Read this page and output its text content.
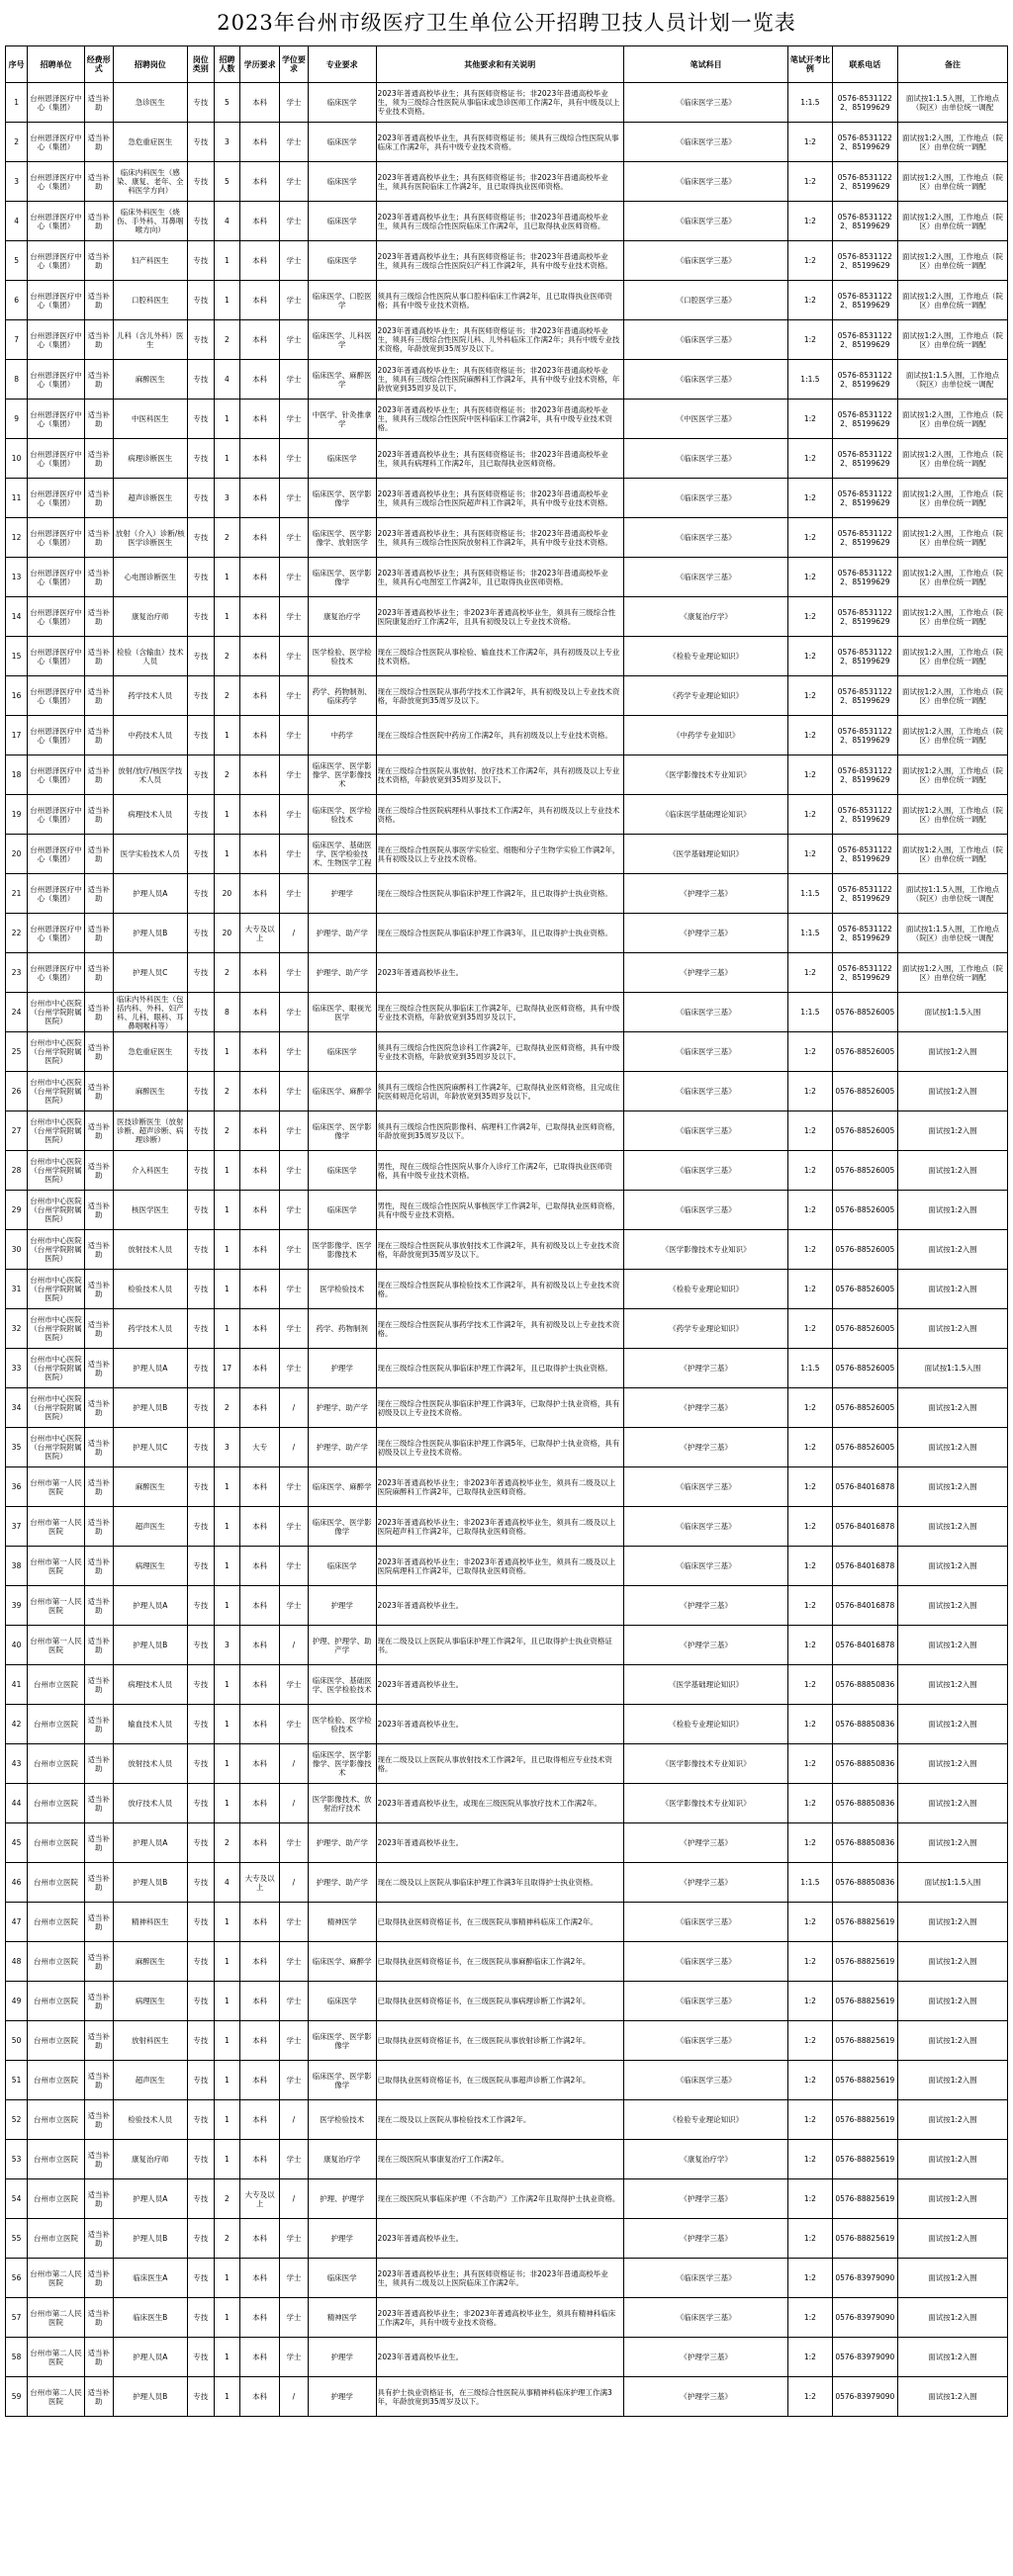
2023年台州市级医疗卫生单位公开招聘卫技人员计划一览表
序号	招聘单位	经费形式	招聘岗位	岗位类别	招聘人数	学历要求	学位要求	专业要求	其他要求和有关说明	笔试科目	笔试开考比例	联系电话	备注
1	台州恩泽医疗中心（集团）	适当补助	急诊医生	专技	5	本科	学士	临床医学	2023年普通高校毕业生；具有医师资格证书；非2023年普通高校毕业生，须为三级综合性医院从事临床或急诊医师工作满2年，具有中级及以上专业技术资格。	《临床医学三基》	1:1.5	0576-85311222、85199629	面试按1:1.5入围，工作地点（院区）由单位统一调配
2	台州恩泽医疗中心（集团）	适当补助	急危重症医生	专技	3	本科	学士	临床医学	2023年普通高校毕业生，具有医师资格证书；须具有三级综合性医院从事临床工作满2年，具有中级专业技术资格。	《临床医学三基》	1:2	0576-85311222、85199629	面试按1:2入围，工作地点（院区）由单位统一调配
3	台州恩泽医疗中心（集团）	适当补助	临床内科医生（感染、康复、老年、全科医学方向）	专技	5	本科	学士	临床医学	2023年普通高校毕业生；具有医师资格证书；非2023年普通高校毕业生，须具有医院临床工作满2年，且已取得执业医师资格。	《临床医学三基》	1:2	0576-85311222、85199629	面试按1:2入围，工作地点（院区）由单位统一调配
4	台州恩泽医疗中心（集团）	适当补助	临床外科医生（烧伤、手外科、耳鼻咽喉方向）	专技	4	本科	学士	临床医学	2023年普通高校毕业生；具有医师资格证书；非2023年普通高校毕业生，须具有三级综合性医院临床工作满2年，且已取得执业医师资格。	《临床医学三基》	1:2	0576-85311222、85199629	面试按1:2入围，工作地点（院区）由单位统一调配
5	台州恩泽医疗中心（集团）	适当补助	妇产科医生	专技	1	本科	学士	临床医学	2023年普通高校毕业生；具有医师资格证书；非2023年普通高校毕业生，须具有三级综合性医院妇产科工作满2年，具有中级专业技术资格。	《临床医学三基》	1:2	0576-85311222、85199629	面试按1:2入围，工作地点（院区）由单位统一调配
6	台州恩泽医疗中心（集团）	适当补助	口腔科医生	专技	1	本科	学士	临床医学、口腔医学	须具有三级综合性医院从事口腔科临床工作满2年，且已取得执业医师资格；具有中级专业技术资格。	《口腔医学三基》	1:2	0576-85311222、85199629	面试按1:2入围，工作地点（院区）由单位统一调配
7	台州恩泽医疗中心（集团）	适当补助	儿科（含儿外科）医生	专技	2	本科	学士	临床医学、儿科医学	2023年普通高校毕业生；具有医师资格证书；非2023年普通高校毕业生，须具有三级综合性医院儿科、儿外科临床工作满2年；具有中级专业技术资格，年龄放宽到35周岁及以下。	《临床医学三基》	1:2	0576-85311222、85199629	面试按1:2入围，工作地点（院区）由单位统一调配
8	台州恩泽医疗中心（集团）	适当补助	麻醉医生	专技	4	本科	学士	临床医学、麻醉医学	2023年普通高校毕业生；具有医师资格证书；非2023年普通高校毕业生，须具有三级综合性医院麻醉科工作满2年，具有中级专业技术资格，年龄放宽到35周岁及以下。	《临床医学三基》	1:1.5	0576-85311222、85199629	面试按1:1.5入围，工作地点（院区）由单位统一调配
9	台州恩泽医疗中心（集团）	适当补助	中医科医生	专技	1	本科	学士	中医学、针灸推拿学	2023年普通高校毕业生；具有医师资格证书；非2023年普通高校毕业生，须具有三级综合性医院中医科临床工作满2年，具有中级专业技术资格。	《中医医学三基》	1:2	0576-85311222、85199629	面试按1:2入围，工作地点（院区）由单位统一调配
10	台州恩泽医疗中心（集团）	适当补助	病理诊断医生	专技	1	本科	学士	临床医学	2023年普通高校毕业生；具有医师资格证书；非2023年普通高校毕业生，须具有病理科工作满2年，且已取得执业医师资格。	《临床医学三基》	1:2	0576-85311222、85199629	面试按1:2入围，工作地点（院区）由单位统一调配
11	台州恩泽医疗中心（集团）	适当补助	超声诊断医生	专技	3	本科	学士	临床医学、医学影像学	2023年普通高校毕业生；具有医师资格证书；非2023年普通高校毕业生，须具有三级综合性医院超声科工作满2年，具有中级专业技术资格。	《临床医学三基》	1:2	0576-85311222、85199629	面试按1:2入围，工作地点（院区）由单位统一调配
12	台州恩泽医疗中心（集团）	适当补助	放射（介入）诊断/核医学诊断医生	专技	2	本科	学士	临床医学、医学影像学、放射医学	2023年普通高校毕业生；具有医师资格证书；非2023年普通高校毕业生，须具有三级综合性医院放射科工作满2年，具有中级专业技术资格。	《临床医学三基》	1:2	0576-85311222、85199629	面试按1:2入围，工作地点（院区）由单位统一调配
13	台州恩泽医疗中心（集团）	适当补助	心电图诊断医生	专技	1	本科	学士	临床医学、医学影像学	2023年普通高校毕业生；具有医师资格证书；非2023年普通高校毕业生，须具有心电图室工作满2年，且已取得执业医师资格。	《临床医学三基》	1:2	0576-85311222、85199629	面试按1:2入围，工作地点（院区）由单位统一调配
14	台州恩泽医疗中心（集团）	适当补助	康复治疗师	专技	1	本科	学士	康复治疗学	2023年普通高校毕业生；非2023年普通高校毕业生，须具有三级综合性医院康复治疗工作满2年，且具有初级及以上专业技术资格。	《康复治疗学》	1:2	0576-85311222、85199629	面试按1:2入围，工作地点（院区）由单位统一调配
15	台州恩泽医疗中心（集团）	适当补助	检验（含输血）技术人员	专技	2	本科	学士	医学检验、医学检验技术	现在三级综合性医院从事检验、输血技术工作满2年，具有初级及以上专业技术资格。	《检验专业理论知识》	1:2	0576-85311222、85199629	面试按1:2入围，工作地点（院区）由单位统一调配
16	台州恩泽医疗中心（集团）	适当补助	药学技术人员	专技	2	本科	学士	药学、药物制剂、临床药学	现在三级综合性医院从事药学技术工作满2年，具有初级及以上专业技术资格，年龄放宽到35周岁及以下。	《药学专业理论知识》	1:2	0576-85311222、85199629	面试按1:2入围，工作地点（院区）由单位统一调配
17	台州恩泽医疗中心（集团）	适当补助	中药技术人员	专技	1	本科	学士	中药学	现在三级综合性医院中药房工作满2年，具有初级及以上专业技术资格。	《中药学专业知识》	1:2	0576-85311222、85199629	面试按1:2入围，工作地点（院区）由单位统一调配
18	台州恩泽医疗中心（集团）	适当补助	放射/放疗/核医学技术人员	专技	2	本科	学士	临床医学、医学影像学、医学影像技术	现在三级综合性医院从事放射、放疗技术工作满2年，具有初级及以上专业技术资格，年龄放宽到35周岁及以下。	《医学影像技术专业知识》	1:2	0576-85311222、85199629	面试按1:2入围，工作地点（院区）由单位统一调配
19	台州恩泽医疗中心（集团）	适当补助	病理技术人员	专技	1	本科	学士	临床医学、医学检验技术	现在三级综合性医院病理科从事技术工作满2年，具有初级及以上专业技术资格。	《临床医学基础理论知识》	1:2	0576-85311222、85199629	面试按1:2入围，工作地点（院区）由单位统一调配
20	台州恩泽医疗中心（集团）	适当补助	医学实验技术人员	专技	1	本科	学士	临床医学、基础医学、医学检验技术、生物医学工程	现在三级综合性医院从事医学实验室、细胞和分子生物学实验工作满2年，具有初级及以上专业技术资格。	《医学基础理论知识》	1:2	0576-85311222、85199629	面试按1:2入围，工作地点（院区）由单位统一调配
21	台州恩泽医疗中心（集团）	适当补助	护理人员A	专技	20	本科	学士	护理学	现在三级综合性医院从事临床护理工作满2年，且已取得护士执业资格。	《护理学三基》	1:1.5	0576-85311222、85199629	面试按1:1.5入围，工作地点（院区）由单位统一调配
22	台州恩泽医疗中心（集团）	适当补助	护理人员B	专技	20	大专及以上	/	护理学、助产学	现在三级综合性医院从事临床护理工作满3年，且已取得护士执业资格。	《护理学三基》	1:1.5	0576-85311222、85199629	面试按1:1.5入围，工作地点（院区）由单位统一调配
23	台州恩泽医疗中心（集团）	适当补助	护理人员C	专技	2	本科	学士	护理学、助产学	2023年普通高校毕业生。	《护理学三基》	1:2	0576-85311222、85199629	面试按1:2入围，工作地点（院区）由单位统一调配
24	台州市中心医院（台州学院附属医院）	适当补助	临床内外科医生（包括内科、外科、妇产科、儿科、眼科、耳鼻咽喉科等）	专技	8	本科	学士	临床医学、眼视光医学	现在三级综合性医院从事临床工作满2年，已取得执业医师资格，具有中级专业技术资格，年龄放宽到35周岁及以下。	《临床医学三基》	1:1.5	0576-88526005	面试按1:1.5入围
25	台州市中心医院（台州学院附属医院）	适当补助	急危重症医生	专技	1	本科	学士	临床医学	须具有三级综合性医院急诊科工作满2年，已取得执业医师资格，具有中级专业技术资格，年龄放宽到35周岁及以下。	《临床医学三基》	1:2	0576-88526005	面试按1:2入围
26	台州市中心医院（台州学院附属医院）	适当补助	麻醉医生	专技	2	本科	学士	临床医学、麻醉学	须具有三级综合性医院麻醉科工作满2年，已取得执业医师资格，且完成住院医师规范化培训，年龄放宽到35周岁及以下。	《临床医学三基》	1:2	0576-88526005	面试按1:2入围
27	台州市中心医院（台州学院附属医院）	适当补助	医技诊断医生（放射诊断、超声诊断、病理诊断）	专技	2	本科	学士	临床医学、医学影像学	须具有三级综合性医院影像科、病理科工作满2年，已取得执业医师资格，年龄放宽到35周岁及以下。	《临床医学三基》	1:2	0576-88526005	面试按1:2入围
28	台州市中心医院（台州学院附属医院）	适当补助	介入科医生	专技	1	本科	学士	临床医学	男性，现在三级综合性医院从事介入诊疗工作满2年，已取得执业医师资格，具有中级专业技术资格。	《临床医学三基》	1:2	0576-88526005	面试按1:2入围
29	台州市中心医院（台州学院附属医院）	适当补助	核医学医生	专技	1	本科	学士	临床医学	男性，现在三级综合性医院从事核医学工作满2年，已取得执业医师资格，具有中级专业技术资格。	《临床医学三基》	1:2	0576-88526005	面试按1:2入围
30	台州市中心医院（台州学院附属医院）	适当补助	放射技术人员	专技	1	本科	学士	医学影像学、医学影像技术	现在三级综合性医院从事放射技术工作满2年，具有初级及以上专业技术资格，年龄放宽到35周岁及以下。	《医学影像技术专业知识》	1:2	0576-88526005	面试按1:2入围
31	台州市中心医院（台州学院附属医院）	适当补助	检验技术人员	专技	1	本科	学士	医学检验技术	现在三级综合性医院从事检验技术工作满2年，具有初级及以上专业技术资格。	《检验专业理论知识》	1:2	0576-88526005	面试按1:2入围
32	台州市中心医院（台州学院附属医院）	适当补助	药学技术人员	专技	1	本科	学士	药学、药物制剂	现在三级综合性医院从事药学技术工作满2年，具有初级及以上专业技术资格。	《药学专业理论知识》	1:2	0576-88526005	面试按1:2入围
33	台州市中心医院（台州学院附属医院）	适当补助	护理人员A	专技	17	本科	学士	护理学	现在三级综合性医院从事临床护理工作满2年，且已取得护士执业资格。	《护理学三基》	1:1.5	0576-88526005	面试按1:1.5入围
34	台州市中心医院（台州学院附属医院）	适当补助	护理人员B	专技	2	本科	/	护理学、助产学	现在三级综合性医院从事临床护理工作满3年，已取得护士执业资格，具有初级及以上专业技术资格。	《护理学三基》	1:2	0576-88526005	面试按1:2入围
35	台州市中心医院（台州学院附属医院）	适当补助	护理人员C	专技	3	大专	/	护理学、助产学	现在三级综合性医院从事临床护理工作满5年，已取得护士执业资格，具有初级及以上专业技术资格。	《护理学三基》	1:2	0576-88526005	面试按1:2入围
36	台州市第一人民医院	适当补助	麻醉医生	专技	1	本科	学士	临床医学、麻醉学	2023年普通高校毕业生；非2023年普通高校毕业生，须具有二级及以上医院麻醉科工作满2年，已取得执业医师资格。	《临床医学三基》	1:2	0576-84016878	面试按1:2入围
37	台州市第一人民医院	适当补助	超声医生	专技	1	本科	学士	临床医学、医学影像学	2023年普通高校毕业生；非2023年普通高校毕业生，须具有二级及以上医院超声科工作满2年，已取得执业医师资格。	《临床医学三基》	1:2	0576-84016878	面试按1:2入围
38	台州市第一人民医院	适当补助	病理医生	专技	1	本科	学士	临床医学	2023年普通高校毕业生；非2023年普通高校毕业生，须具有二级及以上医院病理科工作满2年，已取得执业医师资格。	《临床医学三基》	1:2	0576-84016878	面试按1:2入围
39	台州市第一人民医院	适当补助	护理人员A	专技	1	本科	学士	护理学	2023年普通高校毕业生。	《护理学三基》	1:2	0576-84016878	面试按1:2入围
40	台州市第一人民医院	适当补助	护理人员B	专技	3	本科	/	护理、护理学、助产学	现在二级及以上医院从事临床护理工作满2年，且已取得护士执业资格证书。	《护理学三基》	1:2	0576-84016878	面试按1:2入围
41	台州市立医院	适当补助	病理技术人员	专技	1	本科	学士	临床医学、基础医学、医学检验技术	2023年普通高校毕业生。	《医学基础理论知识》	1:2	0576-88850836	面试按1:2入围
42	台州市立医院	适当补助	输血技术人员	专技	1	本科	学士	医学检验、医学检验技术	2023年普通高校毕业生。	《检验专业理论知识》	1:2	0576-88850836	面试按1:2入围
43	台州市立医院	适当补助	放射技术人员	专技	1	本科	/	临床医学、医学影像学、医学影像技术	现在二级及以上医院从事放射技术工作满2年，且已取得相应专业技术资格。	《医学影像技术专业知识》	1:2	0576-88850836	面试按1:2入围
44	台州市立医院	适当补助	放疗技术人员	专技	1	本科	/	医学影像技术、放射治疗技术	2023年普通高校毕业生，或现在三级医院从事放疗技术工作满2年。	《医学影像技术专业知识》	1:2	0576-88850836	面试按1:2入围
45	台州市立医院	适当补助	护理人员A	专技	2	本科	学士	护理学、助产学	2023年普通高校毕业生。	《护理学三基》	1:2	0576-88850836	面试按1:2入围
46	台州市立医院	适当补助	护理人员B	专技	4	大专及以上	/	护理学、助产学	现在二级及以上医院从事临床护理工作满3年且取得护士执业资格。	《护理学三基》	1:1.5	0576-88850836	面试按1:1.5入围
47	台州市立医院	适当补助	精神科医生	专技	1	本科	学士	精神医学	已取得执业医师资格证书，在三级医院从事精神科临床工作满2年。	《临床医学三基》	1:2	0576-88825619	面试按1:2入围
48	台州市立医院	适当补助	麻醉医生	专技	1	本科	学士	临床医学、麻醉学	已取得执业医师资格证书，在三级医院从事麻醉临床工作满2年。	《临床医学三基》	1:2	0576-88825619	面试按1:2入围
49	台州市立医院	适当补助	病理医生	专技	1	本科	学士	临床医学	已取得执业医师资格证书，在三级医院从事病理诊断工作满2年。	《临床医学三基》	1:2	0576-88825619	面试按1:2入围
50	台州市立医院	适当补助	放射科医生	专技	1	本科	学士	临床医学、医学影像学	已取得执业医师资格证书，在三级医院从事放射诊断工作满2年。	《临床医学三基》	1:2	0576-88825619	面试按1:2入围
51	台州市立医院	适当补助	超声医生	专技	1	本科	学士	临床医学、医学影像学	已取得执业医师资格证书，在三级医院从事超声诊断工作满2年。	《临床医学三基》	1:2	0576-88825619	面试按1:2入围
52	台州市立医院	适当补助	检验技术人员	专技	1	本科	/	医学检验技术	现在二级及以上医院从事检验技术工作满2年。	《检验专业理论知识》	1:2	0576-88825619	面试按1:2入围
53	台州市立医院	适当补助	康复治疗师	专技	1	本科	学士	康复治疗学	现在三级医院从事康复治疗工作满2年。	《康复治疗学》	1:2	0576-88825619	面试按1:2入围
54	台州市立医院	适当补助	护理人员A	专技	2	大专及以上	/	护理、护理学	现在三级医院从事临床护理（不含助产）工作满2年且取得护士执业资格。	《护理学三基》	1:2	0576-88825619	面试按1:2入围
55	台州市立医院	适当补助	护理人员B	专技	2	本科	学士	护理学	2023年普通高校毕业生。	《护理学三基》	1:2	0576-88825619	面试按1:2入围
56	台州市第二人民医院	适当补助	临床医生A	专技	1	本科	学士	临床医学	2023年普通高校毕业生；具有医师资格证书；非2023年普通高校毕业生，须具有二级及以上医院临床工作满2年。	《临床医学三基》	1:2	0576-83979090	面试按1:2入围
57	台州市第二人民医院	适当补助	临床医生B	专技	1	本科	学士	精神医学	2023年普通高校毕业生；非2023年普通高校毕业生，须具有精神科临床工作满2年，具有中级专业技术资格。	《临床医学三基》	1:2	0576-83979090	面试按1:2入围
58	台州市第二人民医院	适当补助	护理人员A	专技	1	本科	学士	护理学	2023年普通高校毕业生。	《护理学三基》	1:2	0576-83979090	面试按1:2入围
59	台州市第二人民医院	适当补助	护理人员B	专技	1	本科	/	护理学	具有护士执业资格证书，在三级综合性医院从事精神科临床护理工作满3年，年龄放宽到35周岁及以下。	《护理学三基》	1:2	0576-83979090	面试按1:2入围
